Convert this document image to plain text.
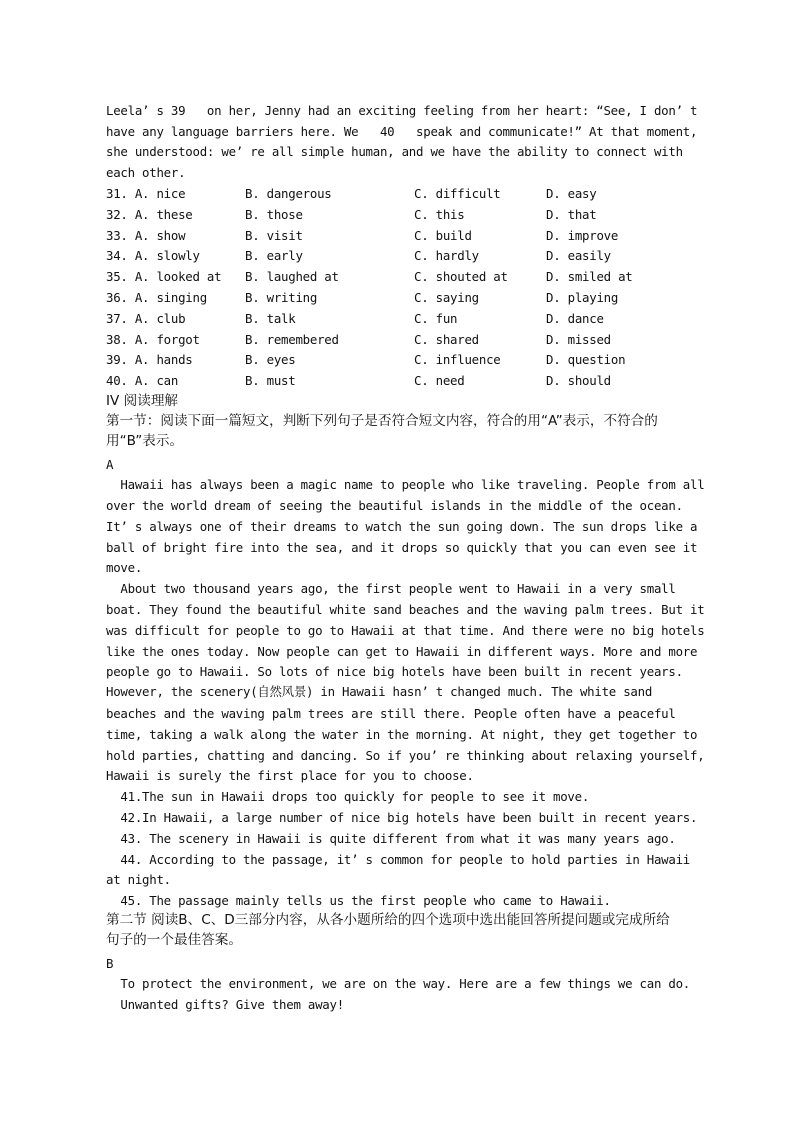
Leela’ s 39   on her, Jenny had an exciting feeling from her heart: “See, I don’ t
have any language barriers here. We   40   speak and communicate!” At that moment,
she understood: we’ re all simple human, and we have the ability to connect with
each other.
31. A. nice	B. dangerous	C. difficult	D. easy
32. A. these	B. those	C. this	D. that
33. A. show	B. visit	C. build	D. improve
34. A. slowly	B. early	C. hardly	D. easily
35. A. looked at B. laughed at	C. shouted at	D. smiled at
36. A. singing	B. writing	C. saying	D. playing
37. A. club	B. talk	C. fun	D. dance
38. A. forgot	B. remembered	C. shared	D. missed
39. A. hands	B. eyes	C. influence	D. question
40. A. can	B. must	C. need	D. should
IV 阅读理解
第一节：阅读下面一篇短文，判断下列句子是否符合短文内容，符合的用“A”表示，不符合的
用“B”表示。
A
Hawaii has always been a magic name to people who like traveling. People from all
over the world dream of seeing the beautiful islands in the middle of the ocean.
It’ s always one of their dreams to watch the sun going down. The sun drops like a
ball of bright fire into the sea, and it drops so quickly that you can even see it
move.
About two thousand years ago, the first people went to Hawaii in a very small
boat. They found the beautiful white sand beaches and the waving palm trees. But it
was difficult for people to go to Hawaii at that time. And there were no big hotels
like the ones today. Now people can get to Hawaii in different ways. More and more
people go to Hawaii. So lots of nice big hotels have been built in recent years.
However, the scenery(自然风景) in Hawaii hasn’ t changed much. The white sand
beaches and the waving palm trees are still there. People often have a peaceful
time, taking a walk along the water in the morning. At night, they get together to
hold parties, chatting and dancing. So if you’ re thinking about relaxing yourself,
Hawaii is surely the first place for you to choose.
41.The sun in Hawaii drops too quickly for people to see it move.
42.In Hawaii, a large number of nice big hotels have been built in recent years.
43. The scenery in Hawaii is quite different from what it was many years ago.
44. According to the passage, it’ s common for people to hold parties in Hawaii
at night.
45. The passage mainly tells us the first people who came to Hawaii.
第二节 阅读B、C、D三部分内容，从各小题所给的四个选项中选出能回答所提问题或完成所给
句子的一个最佳答案。
B
To protect the environment, we are on the way. Here are a few things we can do.
Unwanted gifts? Give them away!
